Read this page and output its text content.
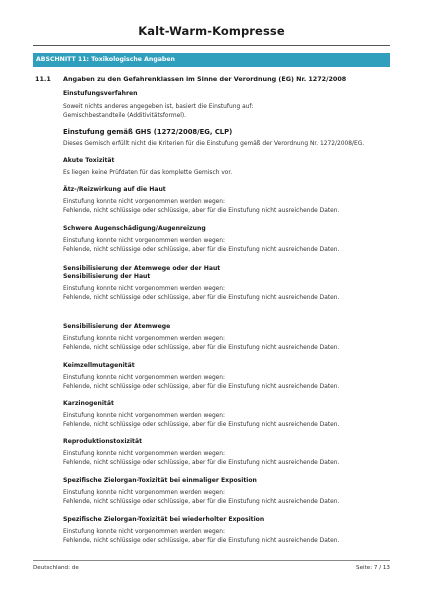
Kalt-Warm-Kompresse
ABSCHNITT 11: Toxikologische Angaben
11.1 Angaben zu den Gefahrenklassen im Sinne der Verordnung (EG) Nr. 1272/2008
Einstufungsverfahren
Soweit nichts anderes angegeben ist, basiert die Einstufung auf:
Gemischbestandteile (Additivitätsformel).
Einstufung gemäß GHS (1272/2008/EG, CLP)
Dieses Gemisch erfüllt nicht die Kriterien für die Einstufung gemäß der Verordnung Nr. 1272/2008/EG.
Akute Toxizität
Es liegen keine Prüfdaten für das komplette Gemisch vor.
Ätz-/Reizwirkung auf die Haut
Einstufung konnte nicht vorgenommen werden wegen:
Fehlende, nicht schlüssige oder schlüssige, aber für die Einstufung nicht ausreichende Daten.
Schwere Augenschädigung/Augenreizung
Einstufung konnte nicht vorgenommen werden wegen:
Fehlende, nicht schlüssige oder schlüssige, aber für die Einstufung nicht ausreichende Daten.
Sensibilisierung der Atemwege oder der Haut
Sensibilisierung der Haut
Einstufung konnte nicht vorgenommen werden wegen:
Fehlende, nicht schlüssige oder schlüssige, aber für die Einstufung nicht ausreichende Daten.
Sensibilisierung der Atemwege
Einstufung konnte nicht vorgenommen werden wegen:
Fehlende, nicht schlüssige oder schlüssige, aber für die Einstufung nicht ausreichende Daten.
Keimzellmutagenität
Einstufung konnte nicht vorgenommen werden wegen:
Fehlende, nicht schlüssige oder schlüssige, aber für die Einstufung nicht ausreichende Daten.
Karzinogenität
Einstufung konnte nicht vorgenommen werden wegen:
Fehlende, nicht schlüssige oder schlüssige, aber für die Einstufung nicht ausreichende Daten.
Reproduktionstoxizität
Einstufung konnte nicht vorgenommen werden wegen:
Fehlende, nicht schlüssige oder schlüssige, aber für die Einstufung nicht ausreichende Daten.
Spezifische Zielorgan-Toxizität bei einmaliger Exposition
Einstufung konnte nicht vorgenommen werden wegen:
Fehlende, nicht schlüssige oder schlüssige, aber für die Einstufung nicht ausreichende Daten.
Spezifische Zielorgan-Toxizität bei wiederholter Exposition
Einstufung konnte nicht vorgenommen werden wegen:
Fehlende, nicht schlüssige oder schlüssige, aber für die Einstufung nicht ausreichende Daten.
Deutschland: de	Seite: 7 / 13
